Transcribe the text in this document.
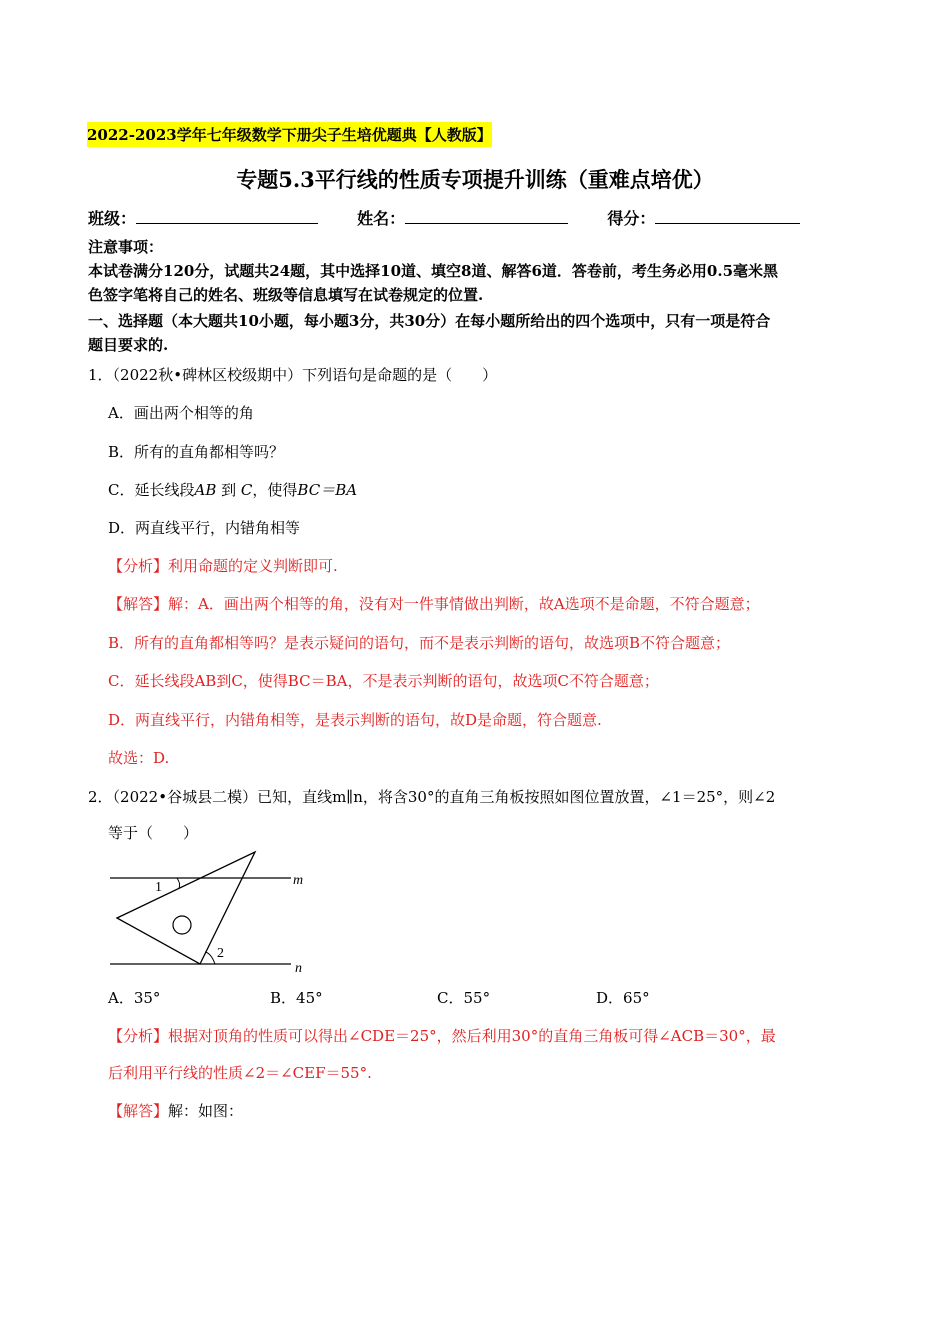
2022-2023学年七年级数学下册尖子生培优题典【人教版】
专题5.3平行线的性质专项提升训练（重难点培优）
班级：	姓名：	得分：
注意事项：
本试卷满分120分，试题共24题，其中选择10道、填空8道、解答6道．答卷前，考生务必用0.5毫米黑
色签字笔将自己的姓名、班级等信息填写在试卷规定的位置.
一、选择题（本大题共10小题，每小题3分，共30分）在每小题所给出的四个选项中，只有一项是符合
题目要求的.
1．（2022秋•碑林区校级期中）下列语句是命题的是（　　）
A．画出两个相等的角
B．所有的直角都相等吗？
C．延长线段AB 到 C，使得BC＝BA
D．两直线平行，内错角相等
【分析】利用命题的定义判断即可.
【解答】解：A．画出两个相等的角，没有对一件事情做出判断，故A选项不是命题，不符合题意；
B．所有的直角都相等吗？是表示疑问的语句，而不是表示判断的语句，故选项B不符合题意；
C．延长线段AB到C，使得BC＝BA，不是表示判断的语句，故选项C不符合题意；
D．两直线平行，内错角相等，是表示判断的语句，故D是命题，符合题意.
故选：D.
2．（2022•谷城县二模）已知，直线m∥n，将含30°的直角三角板按照如图位置放置，∠1＝25°，则∠2
等于（　　）
1
2
m
n
A．35°	B．45°	C．55°	D．65°
【分析】根据对顶角的性质可以得出∠CDE＝25°，然后利用30°的直角三角板可得∠ACB＝30°，最
后利用平行线的性质∠2＝∠CEF＝55°.
【解答】解：如图：
